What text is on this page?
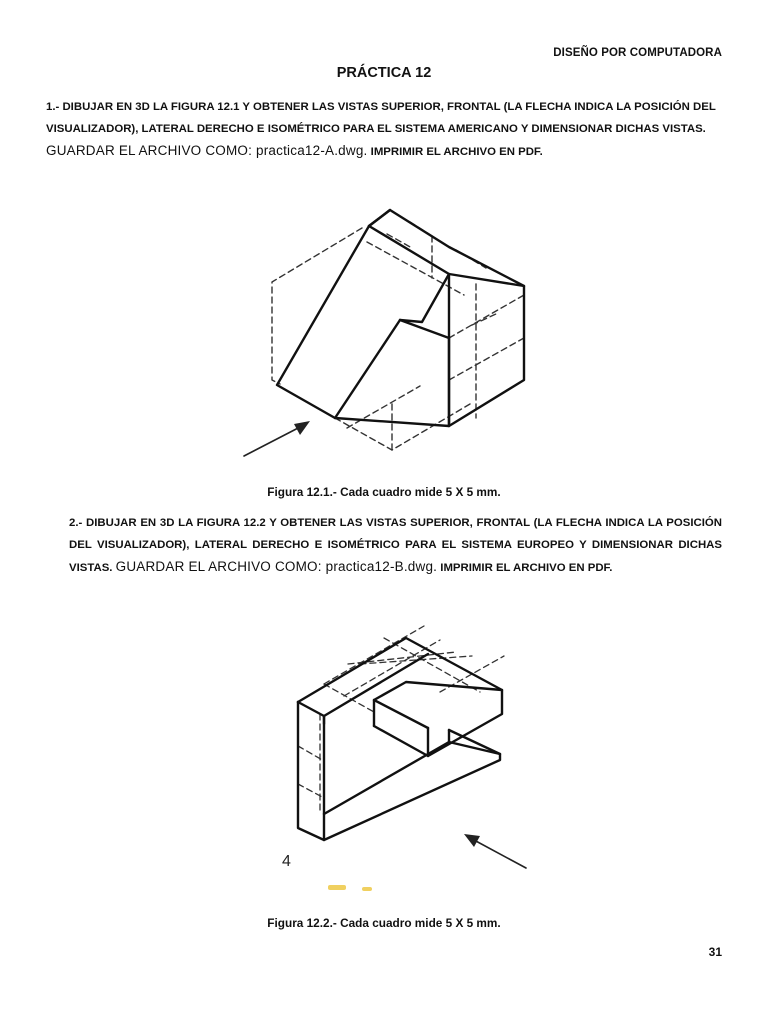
DISEÑO POR COMPUTADORA
PRÁCTICA 12
1.- DIBUJAR EN 3D LA FIGURA 12.1 Y OBTENER LAS VISTAS SUPERIOR, FRONTAL (LA FLECHA INDICA LA POSICIÓN DEL VISUALIZADOR), LATERAL DERECHO E ISOMÉTRICO PARA EL SISTEMA AMERICANO Y DIMENSIONAR DICHAS VISTAS. GUARDAR EL ARCHIVO COMO: practica12-A.dwg. IMPRIMIR EL ARCHIVO EN PDF.
Figura 12.1.- Cada cuadro mide 5 X 5 mm.
2.- DIBUJAR EN 3D LA FIGURA 12.2 Y OBTENER LAS VISTAS SUPERIOR, FRONTAL (LA FLECHA INDICA LA POSICIÓN DEL VISUALIZADOR), LATERAL DERECHO E ISOMÉTRICO PARA EL SISTEMA EUROPEO Y DIMENSIONAR DICHAS VISTAS. GUARDAR EL ARCHIVO COMO: practica12-B.dwg. IMPRIMIR EL ARCHIVO EN PDF.
4
Figura 12.2.- Cada cuadro mide 5 X 5 mm.
31
